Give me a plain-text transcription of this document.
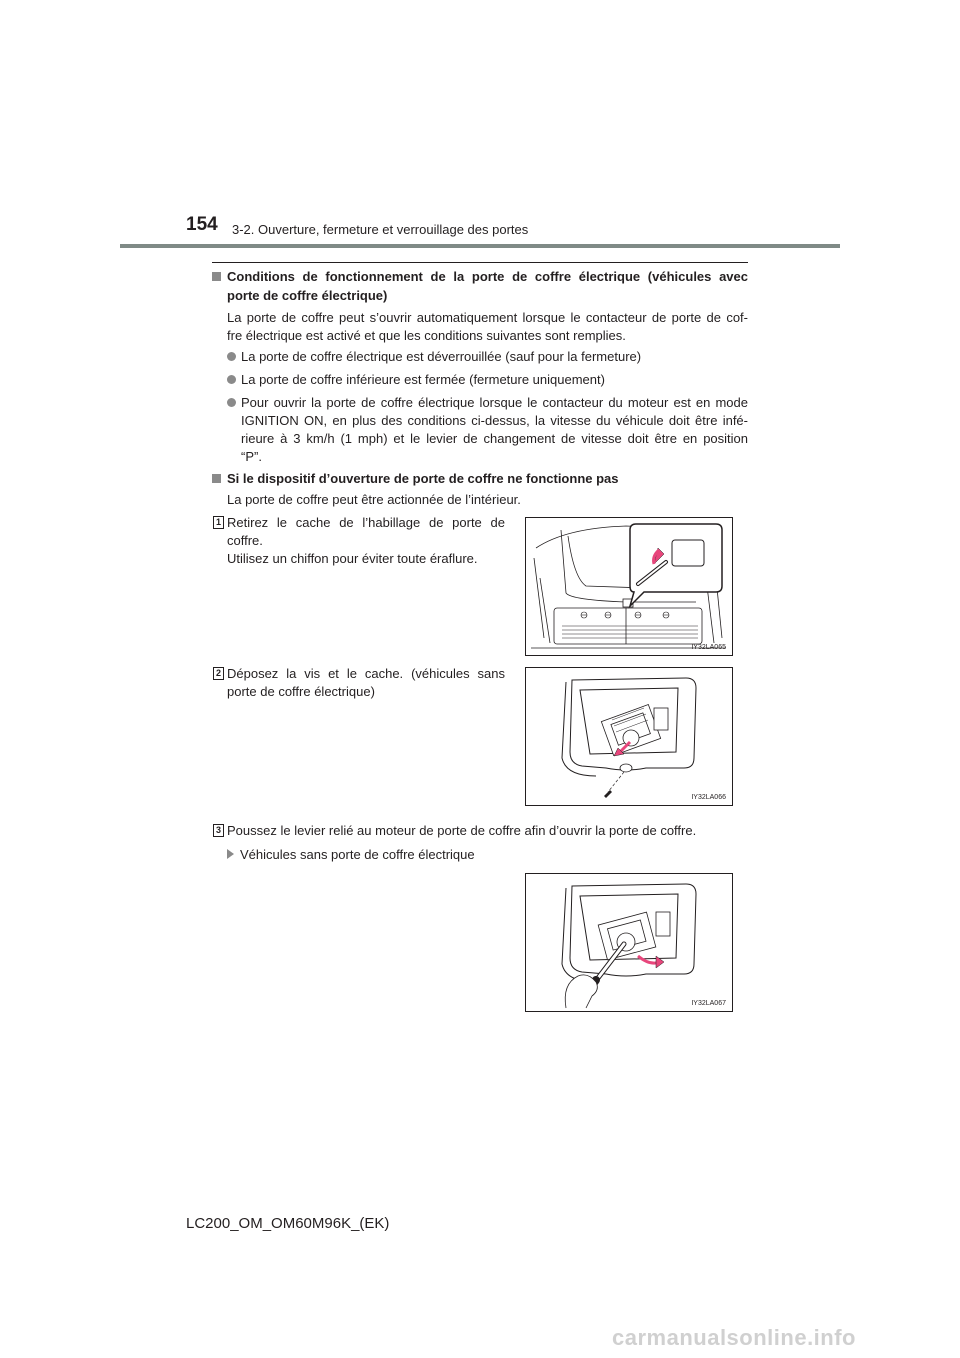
154 3-2. Ouverture, fermeture et verrouillage des portes
Conditions de fonctionnement de la porte de coffre électrique (véhicules avec
porte de coffre électrique)
La porte de coffre peut s’ouvrir automatiquement lorsque le contacteur de porte de cof-
fre électrique est activé et que les conditions suivantes sont remplies.
La porte de coffre électrique est déverrouillée (sauf pour la fermeture)
La porte de coffre inférieure est fermée (fermeture uniquement)
Pour ouvrir la porte de coffre électrique lorsque le contacteur du moteur est en mode
IGNITION ON, en plus des conditions ci-dessus, la vitesse du véhicule doit être infé-
rieure à 3 km/h (1 mph) et le levier de changement de vitesse doit être en position
“P”.
Si le dispositif d’ouverture de porte de coffre ne fonctionne pas
La porte de coffre peut être actionnée de l’intérieur.
1 Retirez le cache de l’habillage de porte de
coffre.
Utilisez un chiffon pour éviter toute éraflure.
IY32LA065
2 Déposez la vis et le cache. (véhicules sans
porte de coffre électrique)
IY32LA066
3 Poussez le levier relié au moteur de porte de coffre afin d’ouvrir la porte de coffre.
Véhicules sans porte de coffre électrique
IY32LA067
LC200_OM_OM60M96K_(EK)
carmanualsonline.info
